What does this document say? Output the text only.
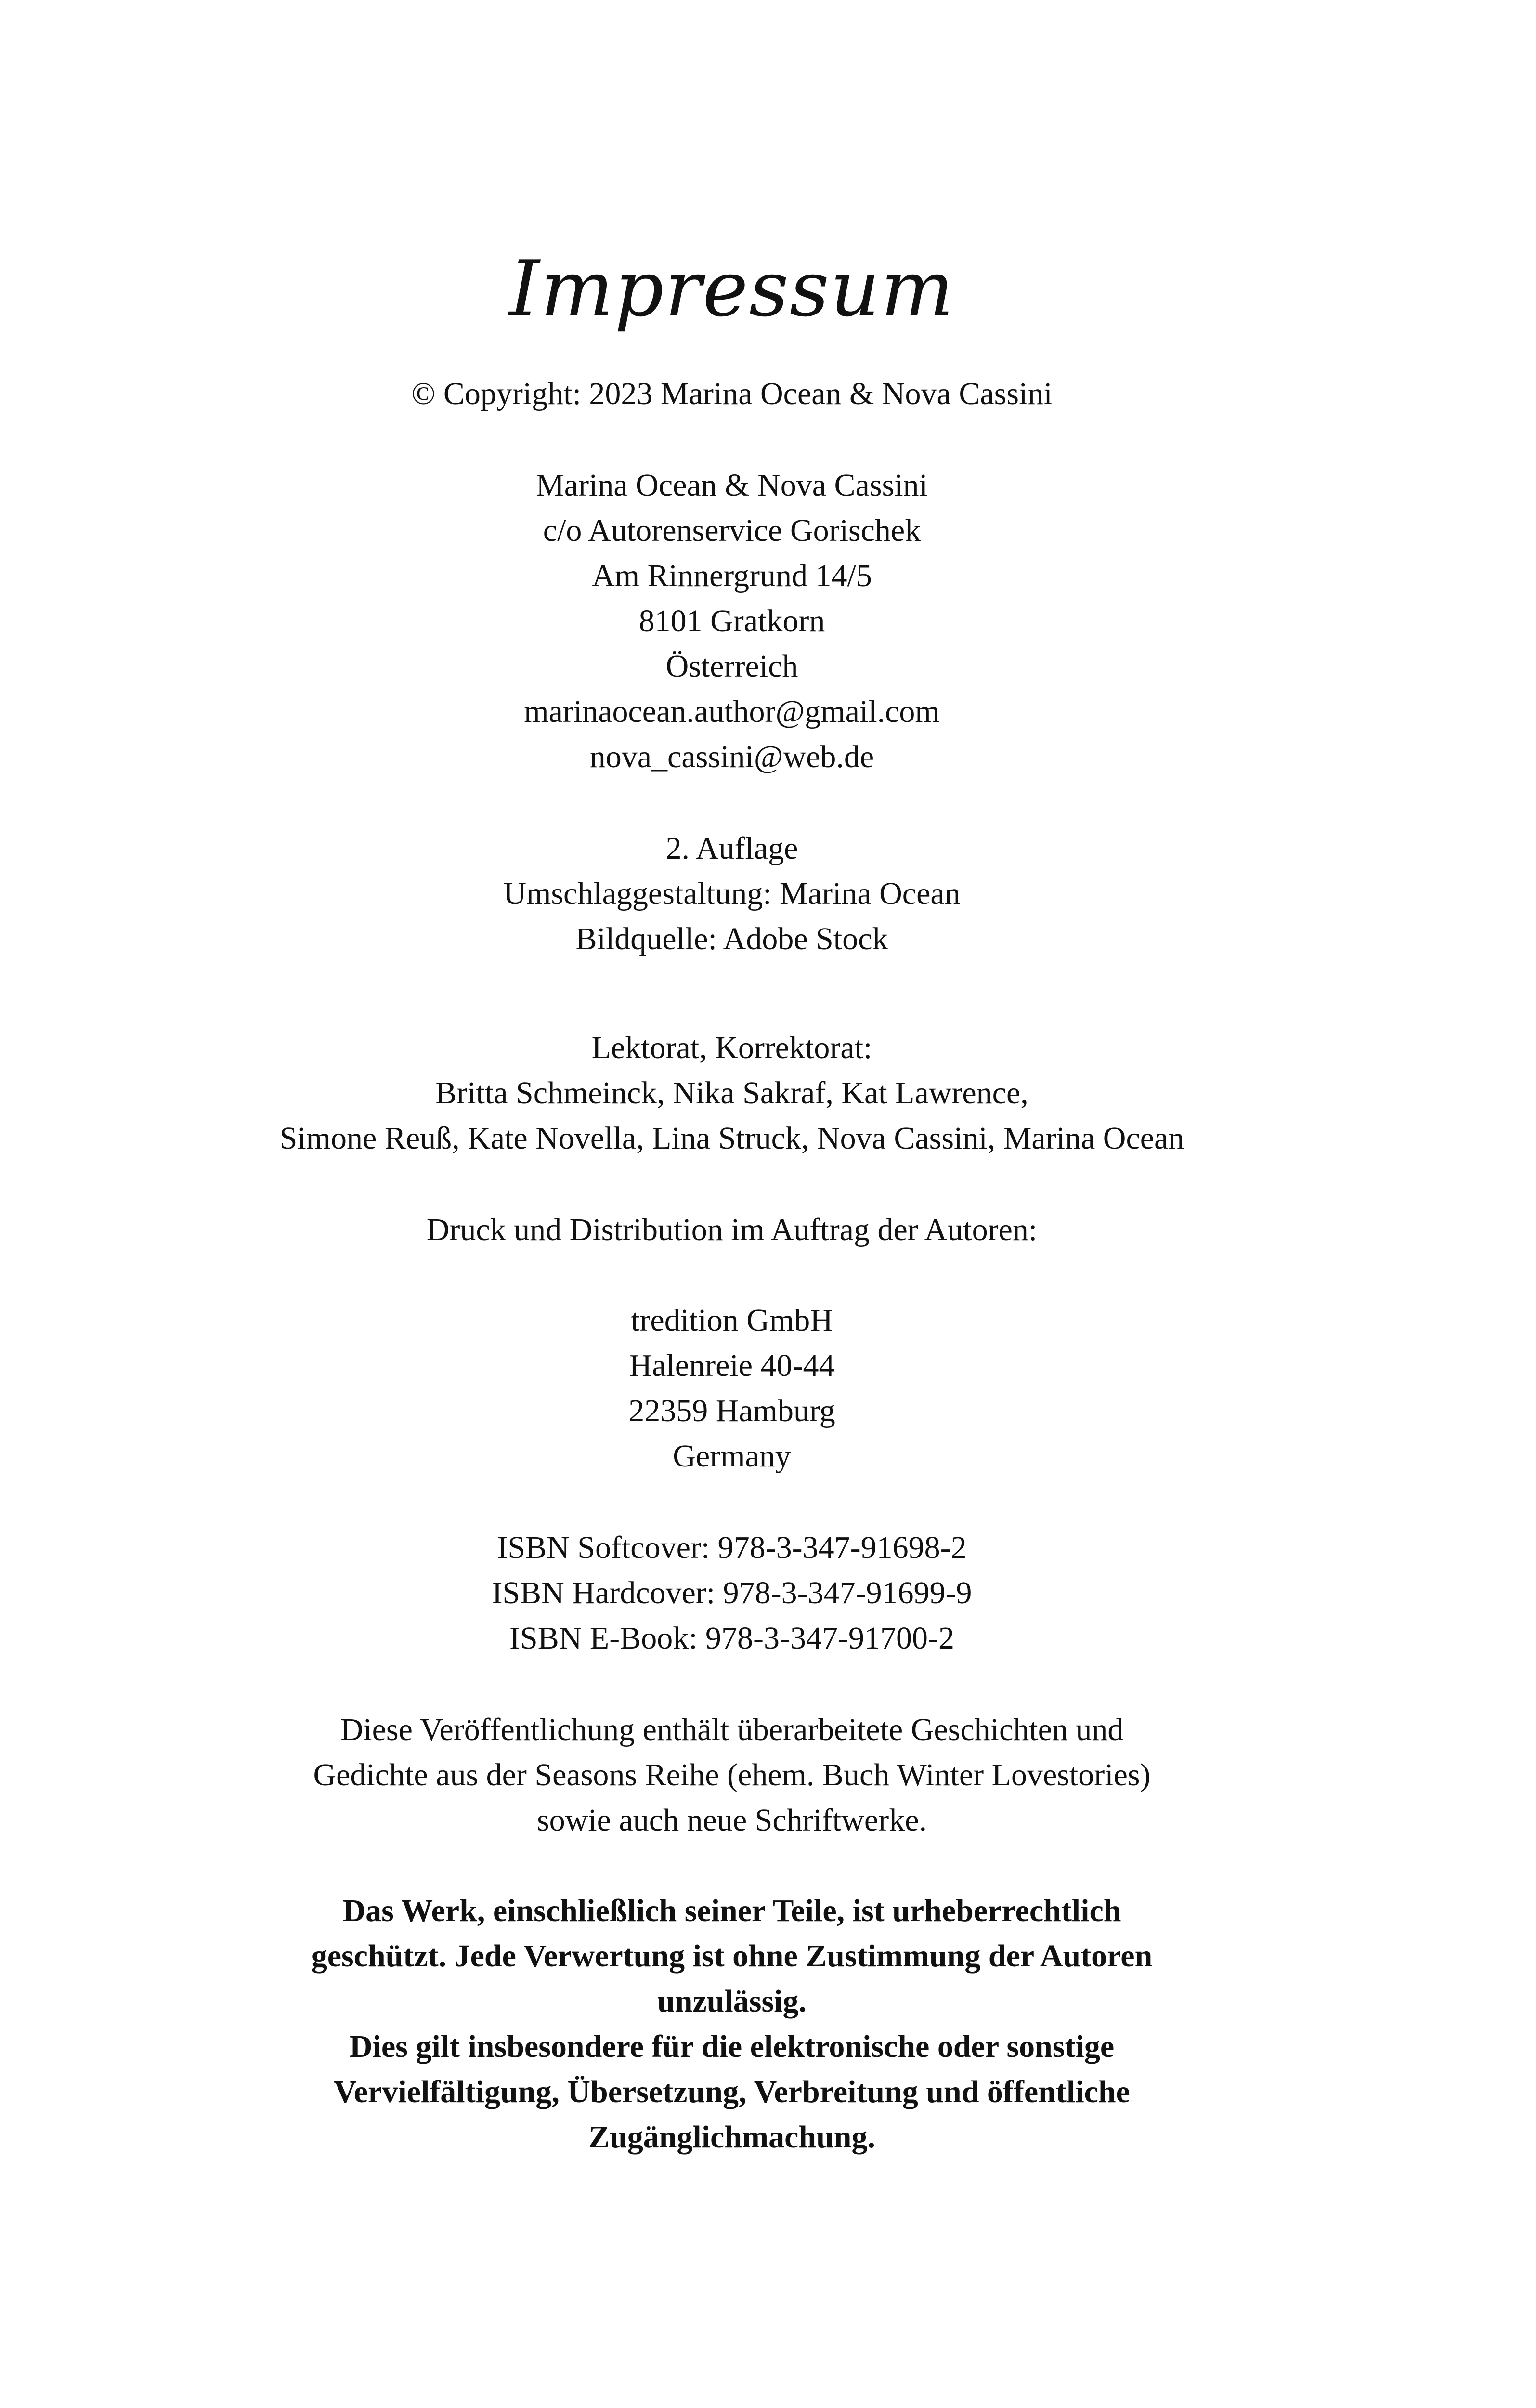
Impressum
© Copyright: 2023 Marina Ocean & Nova Cassini
Marina Ocean & Nova Cassini
c/o Autorenservice Gorischek
Am Rinnergrund 14/5
8101 Gratkorn
Österreich
marinaocean.author@gmail.com
nova_cassini@web.de
2. Auflage
Umschlaggestaltung: Marina Ocean
Bildquelle: Adobe Stock
Lektorat, Korrektorat:
Britta Schmeinck, Nika Sakraf, Kat Lawrence,
Simone Reuß, Kate Novella, Lina Struck, Nova Cassini, Marina Ocean
Druck und Distribution im Auftrag der Autoren:
tredition GmbH
Halenreie 40-44
22359 Hamburg
Germany
ISBN Softcover: 978-3-347-91698-2
ISBN Hardcover: 978-3-347-91699-9
ISBN E-Book: 978-3-347-91700-2
Diese Veröffentlichung enthält überarbeitete Geschichten und
Gedichte aus der Seasons Reihe (ehem. Buch Winter Lovestories)
sowie auch neue Schriftwerke.
Das Werk, einschließlich seiner Teile, ist urheberrechtlich
geschützt. Jede Verwertung ist ohne Zustimmung der Autoren
unzulässig.
Dies gilt insbesondere für die elektronische oder sonstige
Vervielfältigung, Übersetzung, Verbreitung und öffentliche
Zugänglichmachung.
